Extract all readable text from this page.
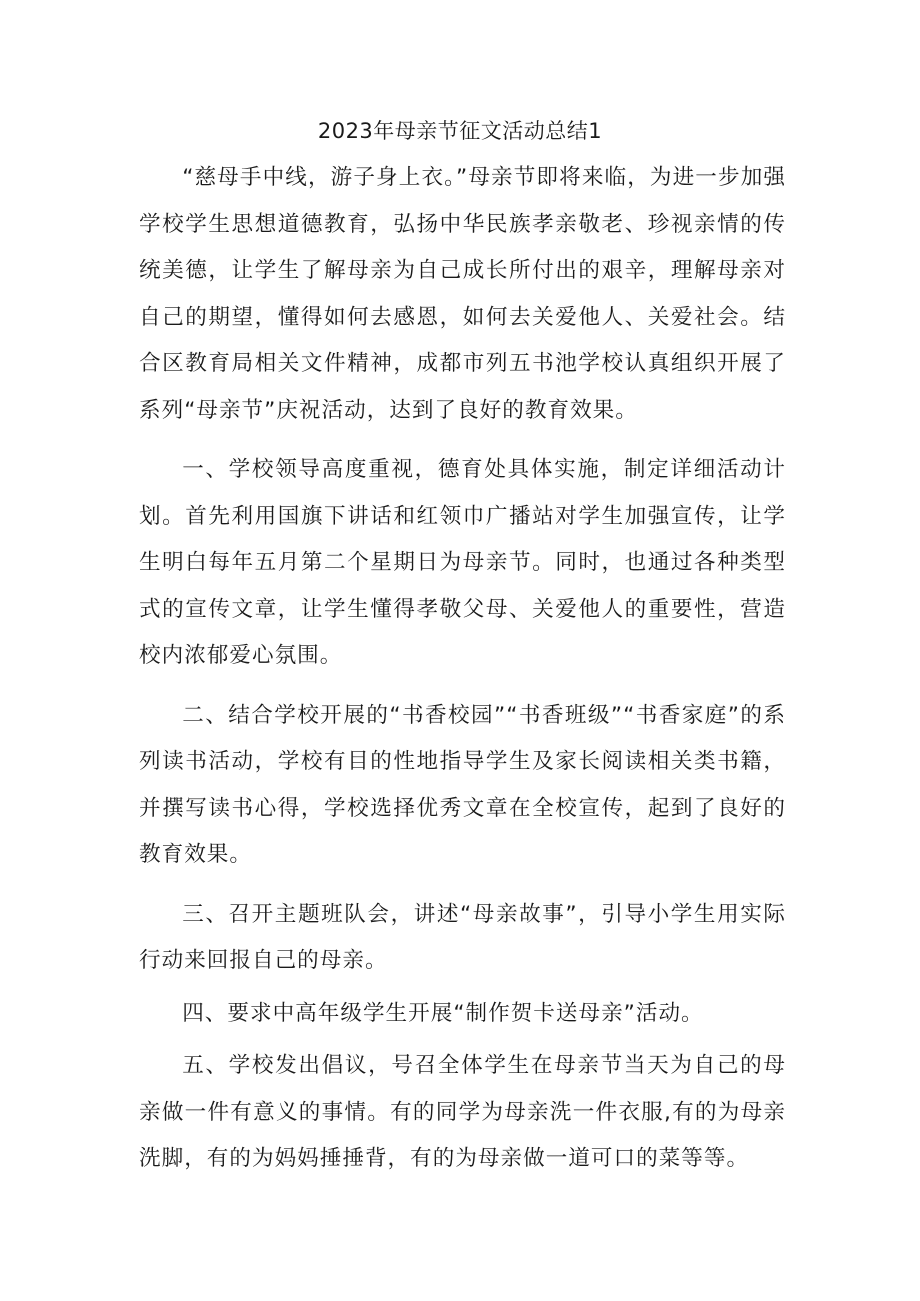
2023年母亲节征文活动总结1

“慈母手中线，游子身上衣。”母亲节即将来临，为进一步加强学校学生思想道德教育，弘扬中华民族孝亲敬老、珍视亲情的传统美德，让学生了解母亲为自己成长所付出的艰辛，理解母亲对自己的期望，懂得如何去感恩，如何去关爱他人、关爱社会。结合区教育局相关文件精神，成都市列五书池学校认真组织开展了系列“母亲节”庆祝活动，达到了良好的教育效果。

一、学校领导高度重视，德育处具体实施，制定详细活动计划。首先利用国旗下讲话和红领巾广播站对学生加强宣传，让学生明白每年五月第二个星期日为母亲节。同时，也通过各种类型式的宣传文章，让学生懂得孝敬父母、关爱他人的重要性，营造校内浓郁爱心氛围。

二、结合学校开展的“书香校园”“书香班级”“书香家庭”的系列读书活动，学校有目的性地指导学生及家长阅读相关类书籍，并撰写读书心得，学校选择优秀文章在全校宣传，起到了良好的教育效果。

三、召开主题班队会，讲述“母亲故事”，引导小学生用实际行动来回报自己的母亲。

四、要求中高年级学生开展“制作贺卡送母亲”活动。

五、学校发出倡议，号召全体学生在母亲节当天为自己的母亲做一件有意义的事情。有的同学为母亲洗一件衣服,有的为母亲洗脚，有的为妈妈捶捶背，有的为母亲做一道可口的菜等等。
